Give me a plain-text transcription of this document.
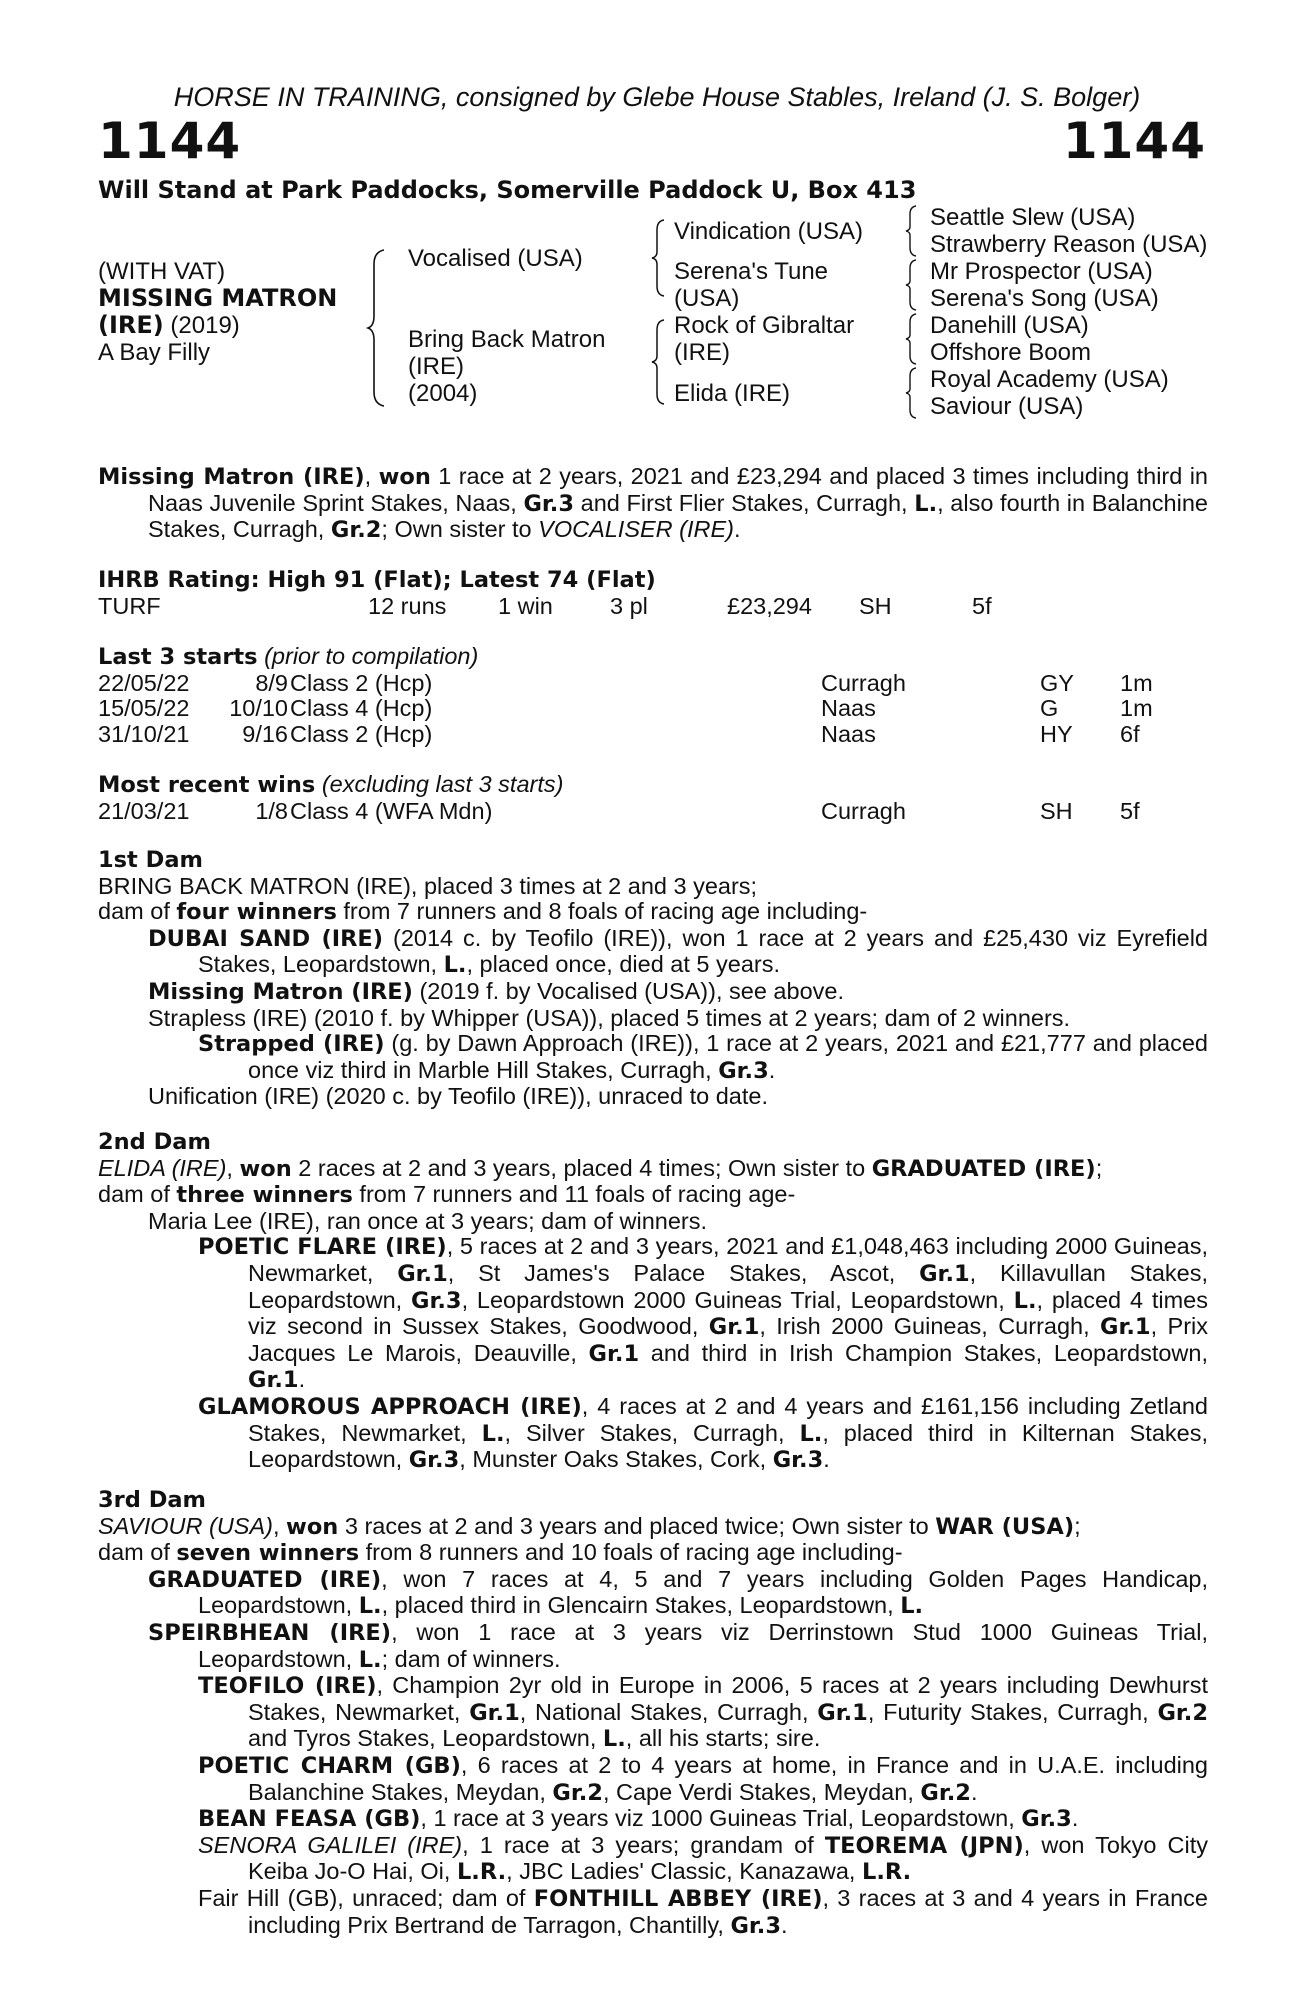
HORSE IN TRAINING, consigned by Glebe House Stables, Ireland (J. S. Bolger)
1144	1144
Will Stand at Park Paddocks, Somerville Paddock U, Box 413
(WITH VAT)
MISSING MATRON
(IRE) (2019)
A Bay Filly
Vocalised (USA)
Bring Back Matron
(IRE)
(2004)
Vindication (USA)
Serena's Tune
(USA)
Rock of Gibraltar
(IRE)
Elida (IRE)
Seattle Slew (USA)
Strawberry Reason (USA)
Mr Prospector (USA)
Serena's Song (USA)
Danehill (USA)
Offshore Boom
Royal Academy (USA)
Saviour (USA)

Missing Matron (IRE), won 1 race at 2 years, 2021 and £23,294 and placed 3 times including third in Naas Juvenile Sprint Stakes, Naas, Gr.3 and First Flier Stakes, Curragh, L., also fourth in Balanchine Stakes, Curragh, Gr.2; Own sister to VOCALISER (IRE).

IHRB Rating: High 91 (Flat); Latest 74 (Flat)
TURF	12 runs 1 win 3 pl	£23,294 SH	5f
Last 3 starts (prior to compilation)
22/05/22	8/9 Class 2 (Hcp)	Curragh	GY 1m
15/05/22	10/10 Class 4 (Hcp)	Naas	G	1m
31/10/21	9/16 Class 2 (Hcp)	Naas	HY 6f
Most recent wins (excluding last 3 starts)
21/03/21	1/8 Class 4 (WFA Mdn)	Curragh	SH 5f
1st Dam

BRING BACK MATRON (IRE), placed 3 times at 2 and 3 years;

dam of four winners from 7 runners and 8 foals of racing age including-

DUBAI SAND (IRE) (2014 c. by Teofilo (IRE)), won 1 race at 2 years and £25,430 viz Eyrefield Stakes, Leopardstown, L., placed once, died at 5 years.

Missing Matron (IRE) (2019 f. by Vocalised (USA)), see above.

Strapless (IRE) (2010 f. by Whipper (USA)), placed 5 times at 2 years; dam of 2 winners.

Strapped (IRE) (g. by Dawn Approach (IRE)), 1 race at 2 years, 2021 and £21,777 and placed once viz third in Marble Hill Stakes, Curragh, Gr.3.

Unification (IRE) (2020 c. by Teofilo (IRE)), unraced to date.

2nd Dam

ELIDA (IRE), won 2 races at 2 and 3 years, placed 4 times; Own sister to GRADUATED (IRE);

dam of three winners from 7 runners and 11 foals of racing age-

Maria Lee (IRE), ran once at 3 years; dam of winners.

POETIC FLARE (IRE), 5 races at 2 and 3 years, 2021 and £1,048,463 including 2000 Guineas, Newmarket, Gr.1, St James's Palace Stakes, Ascot, Gr.1, Killavullan Stakes, Leopardstown, Gr.3, Leopardstown 2000 Guineas Trial, Leopardstown, L., placed 4 times viz second in Sussex Stakes, Goodwood, Gr.1, Irish 2000 Guineas, Curragh, Gr.1, Prix Jacques Le Marois, Deauville, Gr.1 and third in Irish Champion Stakes, Leopardstown, Gr.1.

GLAMOROUS APPROACH (IRE), 4 races at 2 and 4 years and £161,156 including Zetland Stakes, Newmarket, L., Silver Stakes, Curragh, L., placed third in Kilternan Stakes, Leopardstown, Gr.3, Munster Oaks Stakes, Cork, Gr.3.

3rd Dam

SAVIOUR (USA), won 3 races at 2 and 3 years and placed twice; Own sister to WAR (USA);

dam of seven winners from 8 runners and 10 foals of racing age including-

GRADUATED (IRE), won 7 races at 4, 5 and 7 years including Golden Pages Handicap, Leopardstown, L., placed third in Glencairn Stakes, Leopardstown, L.

SPEIRBHEAN (IRE), won 1 race at 3 years viz Derrinstown Stud 1000 Guineas Trial, Leopardstown, L.; dam of winners.

TEOFILO (IRE), Champion 2yr old in Europe in 2006, 5 races at 2 years including Dewhurst Stakes, Newmarket, Gr.1, National Stakes, Curragh, Gr.1, Futurity Stakes, Curragh, Gr.2 and Tyros Stakes, Leopardstown, L., all his starts; sire.

POETIC CHARM (GB), 6 races at 2 to 4 years at home, in France and in U.A.E. including Balanchine Stakes, Meydan, Gr.2, Cape Verdi Stakes, Meydan, Gr.2.

BEAN FEASA (GB), 1 race at 3 years viz 1000 Guineas Trial, Leopardstown, Gr.3.

SENORA GALILEI (IRE), 1 race at 3 years; grandam of TEOREMA (JPN), won Tokyo City Keiba Jo-O Hai, Oi, L.R., JBC Ladies' Classic, Kanazawa, L.R.

Fair Hill (GB), unraced; dam of FONTHILL ABBEY (IRE), 3 races at 3 and 4 years in France including Prix Bertrand de Tarragon, Chantilly, Gr.3.
